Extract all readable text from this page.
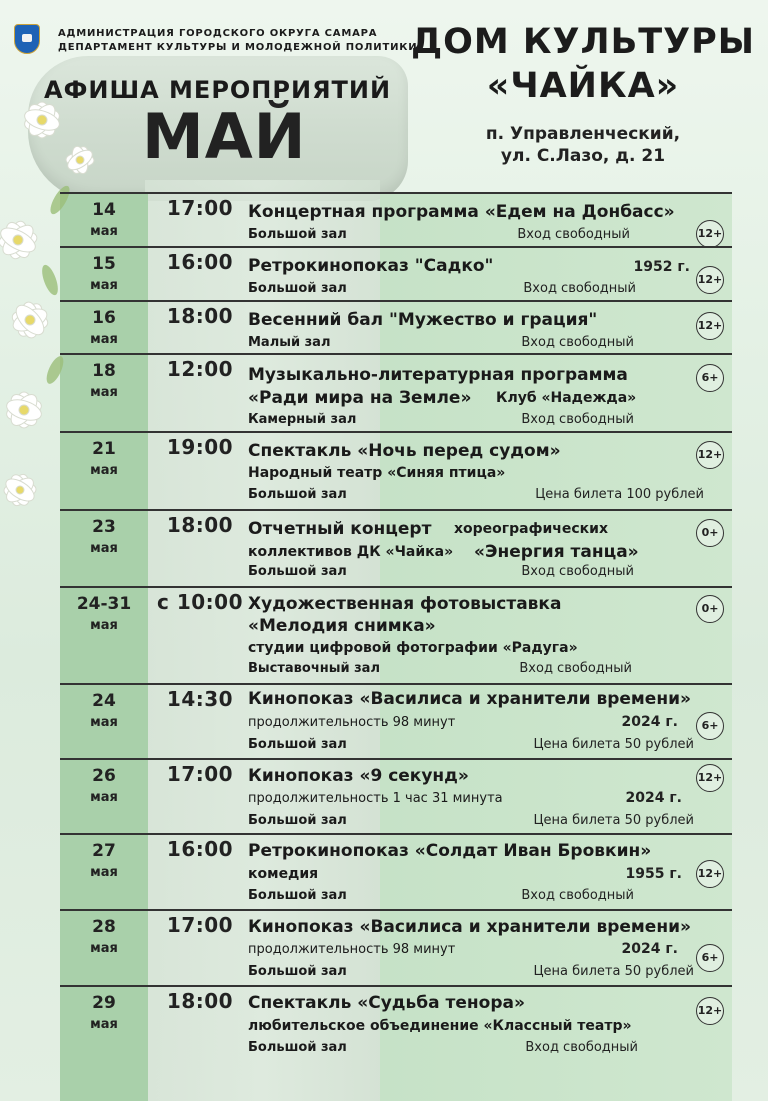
АДМИНИСТРАЦИЯ ГОРОДСКОГО ОКРУГА САМАРА
ДЕПАРТАМЕНТ КУЛЬТУРЫ И МОЛОДЕЖНОЙ ПОЛИТИКИ
АФИША МЕРОПРИЯТИЙ
МАЙ
ДОМ КУЛЬТУРЫ
«ЧАЙКА»
п. Управленческий,
ул. С.Лазо, д. 21
14
мая
17:00 Концертная программа «Едем на Донбасс»
Большой зал	Вход свободный	12+
15
мая
16:00 Ретрокинопоказ "Садко"	1952 г.
Большой зал	Вход свободный
12+
16
мая
18:00 Весенний бал "Мужество и грация"
Малый зал	Вход свободный
12+
18
мая
12:00 Музыкально-литературная программа
«Ради мира на Земле» Клуб «Надежда»
Камерный зал	Вход свободный
6+
21
мая
19:00 Спектакль «Ночь перед судом»
Народный театр «Синяя птица»
Большой зал	Цена билета 100 рублей
12+
23
мая
18:00 Отчетный концерт хореографических
коллективов ДК «Чайка» «Энергия танца»
Большой зал	Вход свободный
0+
24-31
мая
с 10:00 Художественная фотовыставка
«Мелодия снимка»
студии цифровой фотографии «Радуга»
Выставочный зал	Вход свободный
0+
24
мая
14:30 Кинопоказ «Василиса и хранители времени»
продолжительность 98 минут	2024 г.
Большой зал	Цена билета 50 рублей
6+
26
мая
17:00 Кинопоказ «9 секунд»
продолжительность 1 час 31 минута	2024 г.
Большой зал	Цена билета 50 рублей
12+
27
мая
16:00 Ретрокинопоказ «Солдат Иван Бровкин»
комедия	1955 г.
Большой зал	Вход свободный
12+
28
мая
17:00 Кинопоказ «Василиса и хранители времени»
продолжительность 98 минут	2024 г.
Большой зал	Цена билета 50 рублей
6+
29
мая
18:00 Спектакль «Судьба тенора»
любительское объединение «Классный театр»
Большой зал	Вход свободный
12+
